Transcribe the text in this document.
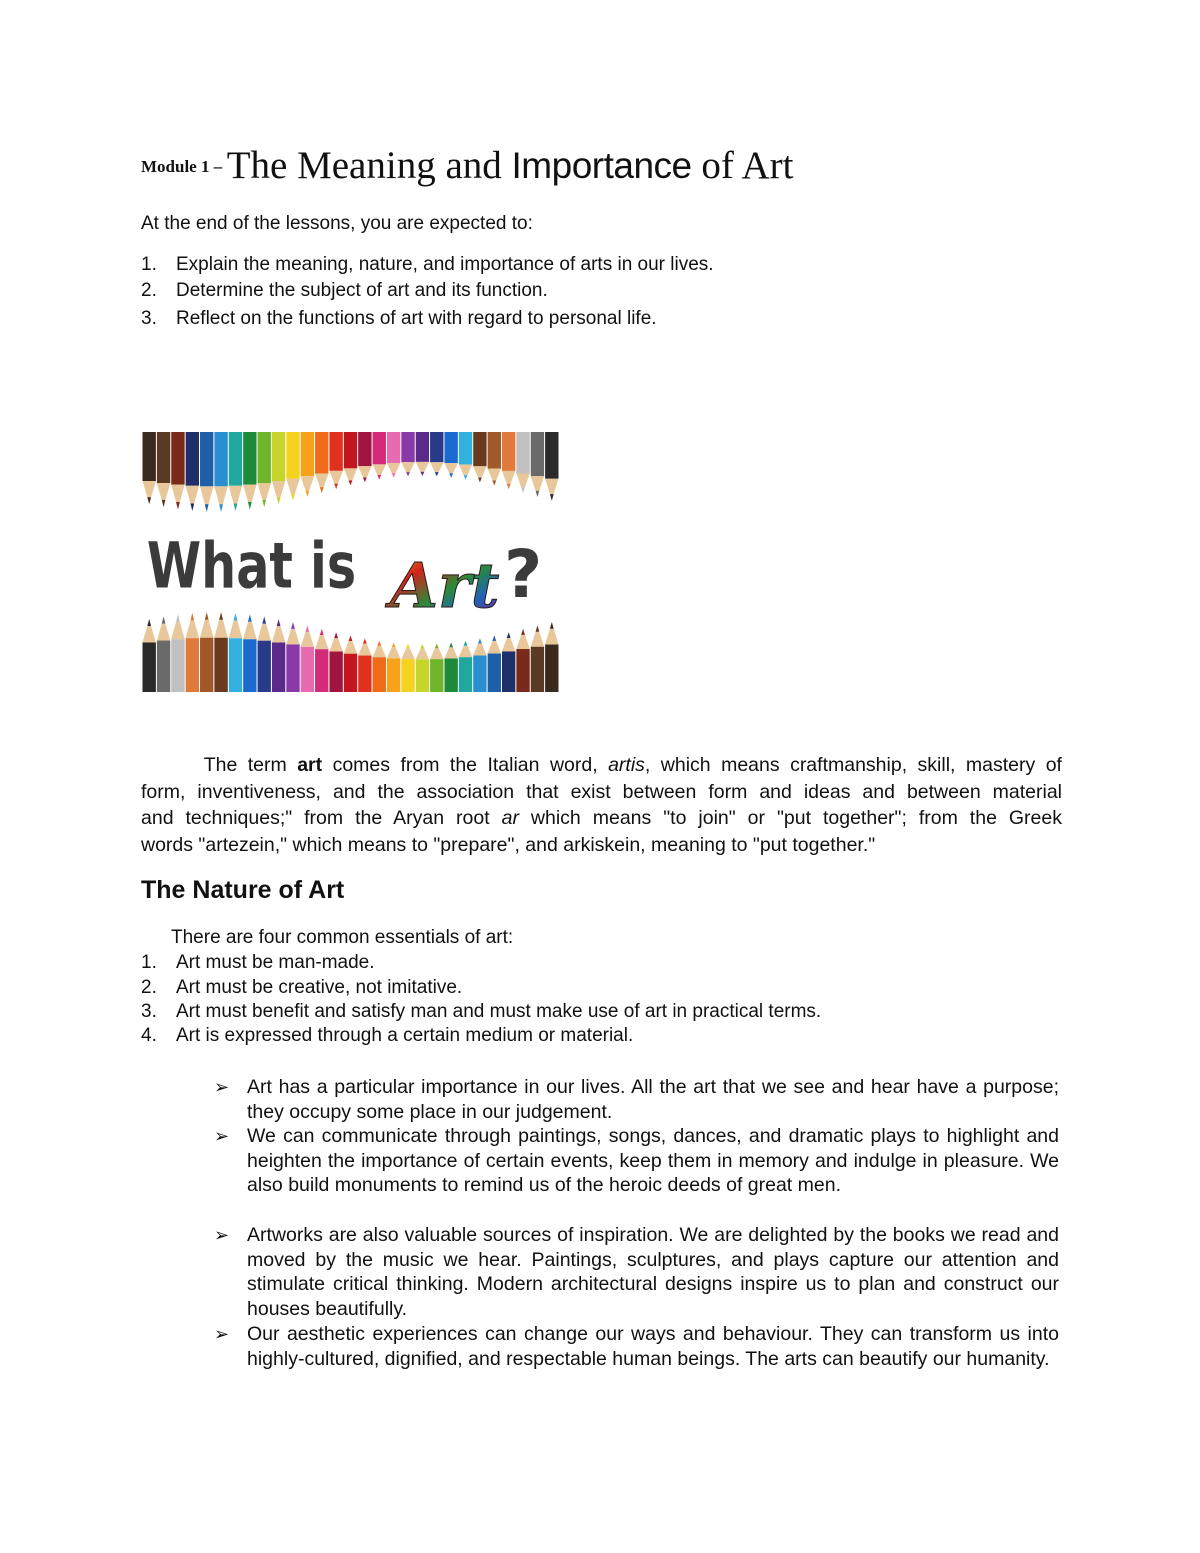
Module 1 – The Meaning and Importance of Art
At the end of the lessons, you are expected to:
1. Explain the meaning, nature, and importance of arts in our lives.
2. Determine the subject of art and its function.
3. Reflect on the functions of art with regard to personal life.
What is Art ?
The term art comes from the Italian word, artis, which means craftmanship, skill, mastery of
form, inventiveness, and the association that exist between form and ideas and between material
and techniques;" from the Aryan root ar which means "to join" or "put together"; from the Greek
words "artezein," which means to "prepare", and arkiskein, meaning to "put together."
The Nature of Art
There are four common essentials of art:
1. Art must be man-made.
2. Art must be creative, not imitative.
3. Art must benefit and satisfy man and must make use of art in practical terms.
4. Art is expressed through a certain medium or material.
➢ Art has a particular importance in our lives. All the art that we see and hear have a purpose; they occupy some place in our judgement.
➢ We can communicate through paintings, songs, dances, and dramatic plays to highlight and heighten the importance of certain events, keep them in memory and indulge in pleasure. We also build monuments to remind us of the heroic deeds of great men.
➢ Artworks are also valuable sources of inspiration. We are delighted by the books we read and moved by the music we hear. Paintings, sculptures, and plays capture our attention and stimulate critical thinking. Modern architectural designs inspire us to plan and construct our houses beautifully.
➢ Our aesthetic experiences can change our ways and behaviour. They can transform us into highly-cultured, dignified, and respectable human beings. The arts can beautify our humanity.
